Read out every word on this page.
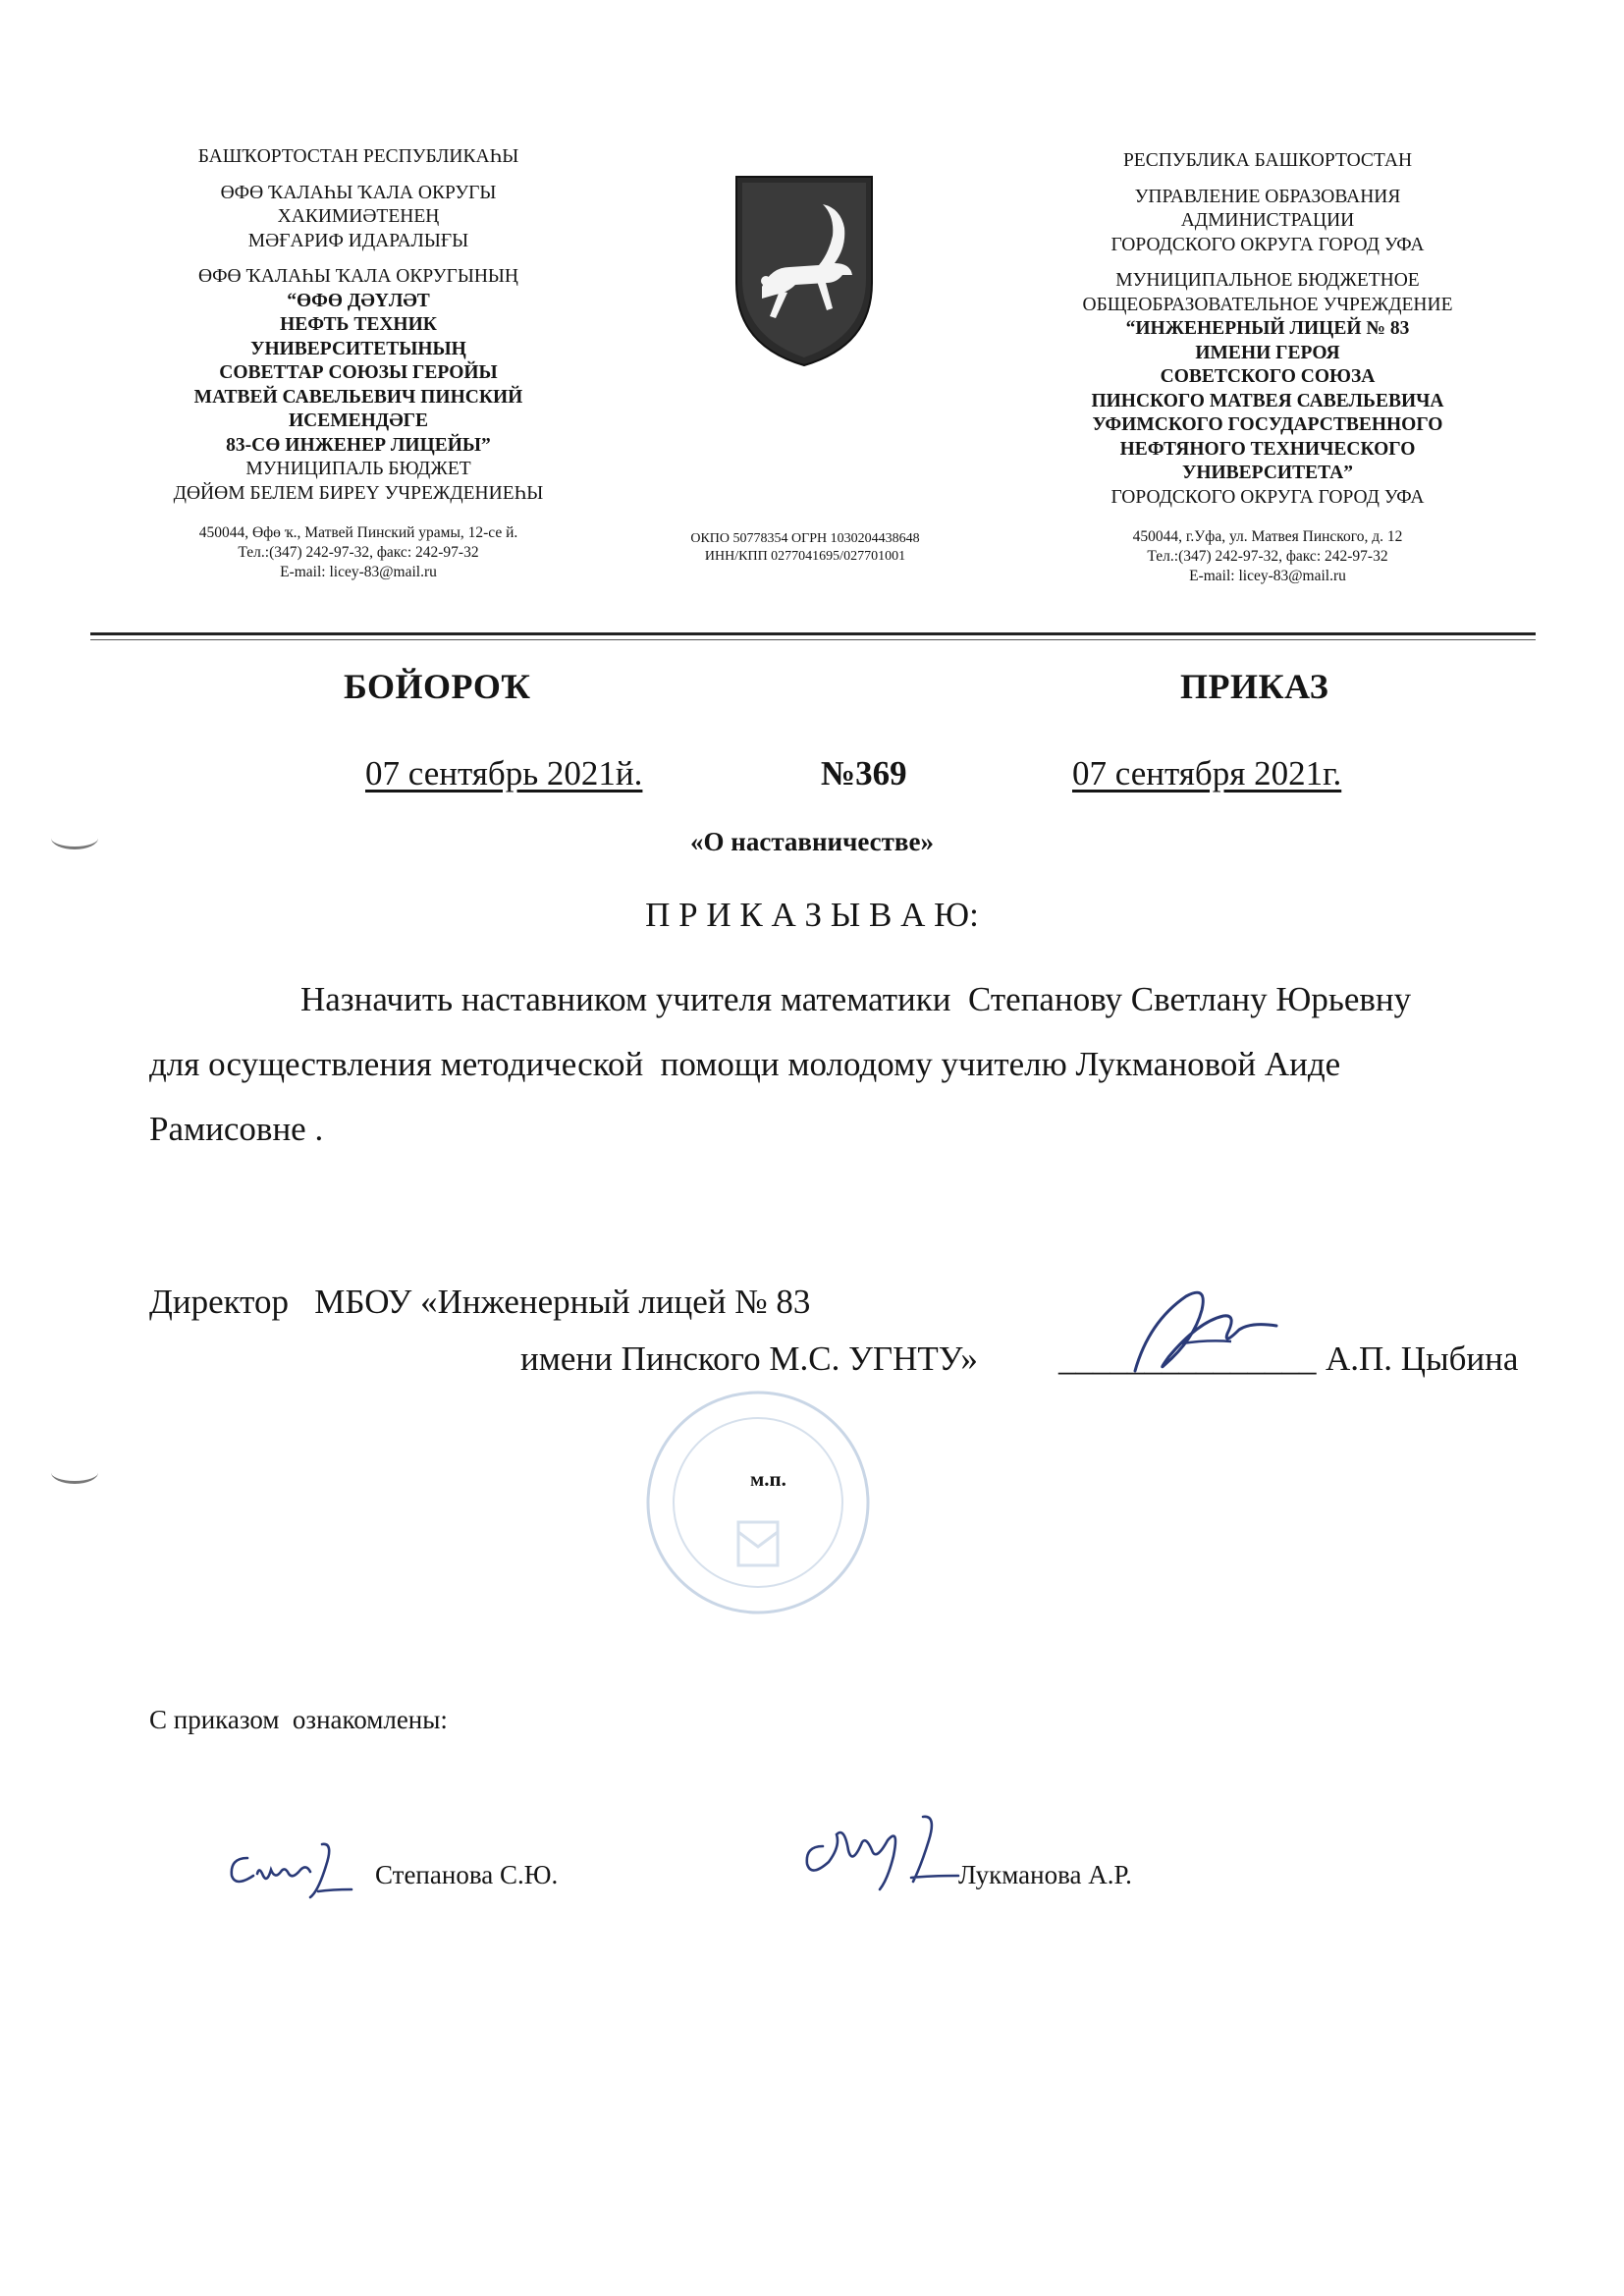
БАШҠОРТОСТАН РЕСПУБЛИКАҺЫ
ӨФӨ ҠАЛАҺЫ ҠАЛА ОКРУГЫ
ХАКИМИӘТЕНЕҢ
МӘҒАРИФ ИДАРАЛЫҒЫ
ӨФӨ ҠАЛАҺЫ ҠАЛА ОКРУГЫНЫҢ
“ӨФӨ ДӘҮЛӘТ
НЕФТЬ ТЕХНИК
УНИВЕРСИТЕТЫНЫҢ
СОВЕТТАР СОЮЗЫ ГЕРОЙЫ
МАТВЕЙ САВЕЛЬЕВИЧ ПИНСКИЙ
ИСЕМЕНДӘГЕ
83-СӨ ИНЖЕНЕР ЛИЦЕЙЫ”
МУНИЦИПАЛЬ БЮДЖЕТ
ДӨЙӨМ БЕЛЕМ БИРЕҮ УЧРЕЖДЕНИЕҺЫ
450044, Өфө ҡ., Матвей Пинский урамы, 12-се й.
Тел.:(347) 242-97-32, факс: 242-97-32
E-mail: licey-83@mail.ru
ОКПО 50778354 ОГРН 1030204438648
ИНН/КПП 0277041695/027701001
РЕСПУБЛИКА БАШКОРТОСТАН
УПРАВЛЕНИЕ ОБРАЗОВАНИЯ
АДМИНИСТРАЦИИ
ГОРОДСКОГО ОКРУГА ГОРОД УФА
МУНИЦИПАЛЬНОЕ БЮДЖЕТНОЕ
ОБЩЕОБРАЗОВАТЕЛЬНОЕ УЧРЕЖДЕНИЕ
“ИНЖЕНЕРНЫЙ ЛИЦЕЙ № 83
ИМЕНИ ГЕРОЯ
СОВЕТСКОГО СОЮЗА
ПИНСКОГО МАТВЕЯ САВЕЛЬЕВИЧА
УФИМСКОГО ГОСУДАРСТВЕННОГО
НЕФТЯНОГО ТЕХНИЧЕСКОГО
УНИВЕРСИТЕТА”
ГОРОДСКОГО ОКРУГА ГОРОД УФА
450044, г.Уфа, ул. Матвея Пинского, д. 12
Тел.:(347) 242-97-32, факс: 242-97-32
E-mail: licey-83@mail.ru
БОЙОРОҠ	ПРИКАЗ
07 сентябрь 2021й.	№369	07 сентября 2021г.
«О наставничестве»
П Р И К А З Ы В А Ю:
Назначить наставником учителя математики  Степанову Светлану Юрьевну
для осуществления методической  помощи молодому учителю Лукмановой Аиде
Рамисовне .
Директор   МБОУ «Инженерный лицей № 83
имени Пинского М.С. УГНТУ» _______________ А.П. Цыбина
м.п.
С приказом  ознакомлены:
Степанова С.Ю.	Лукманова А.Р.
